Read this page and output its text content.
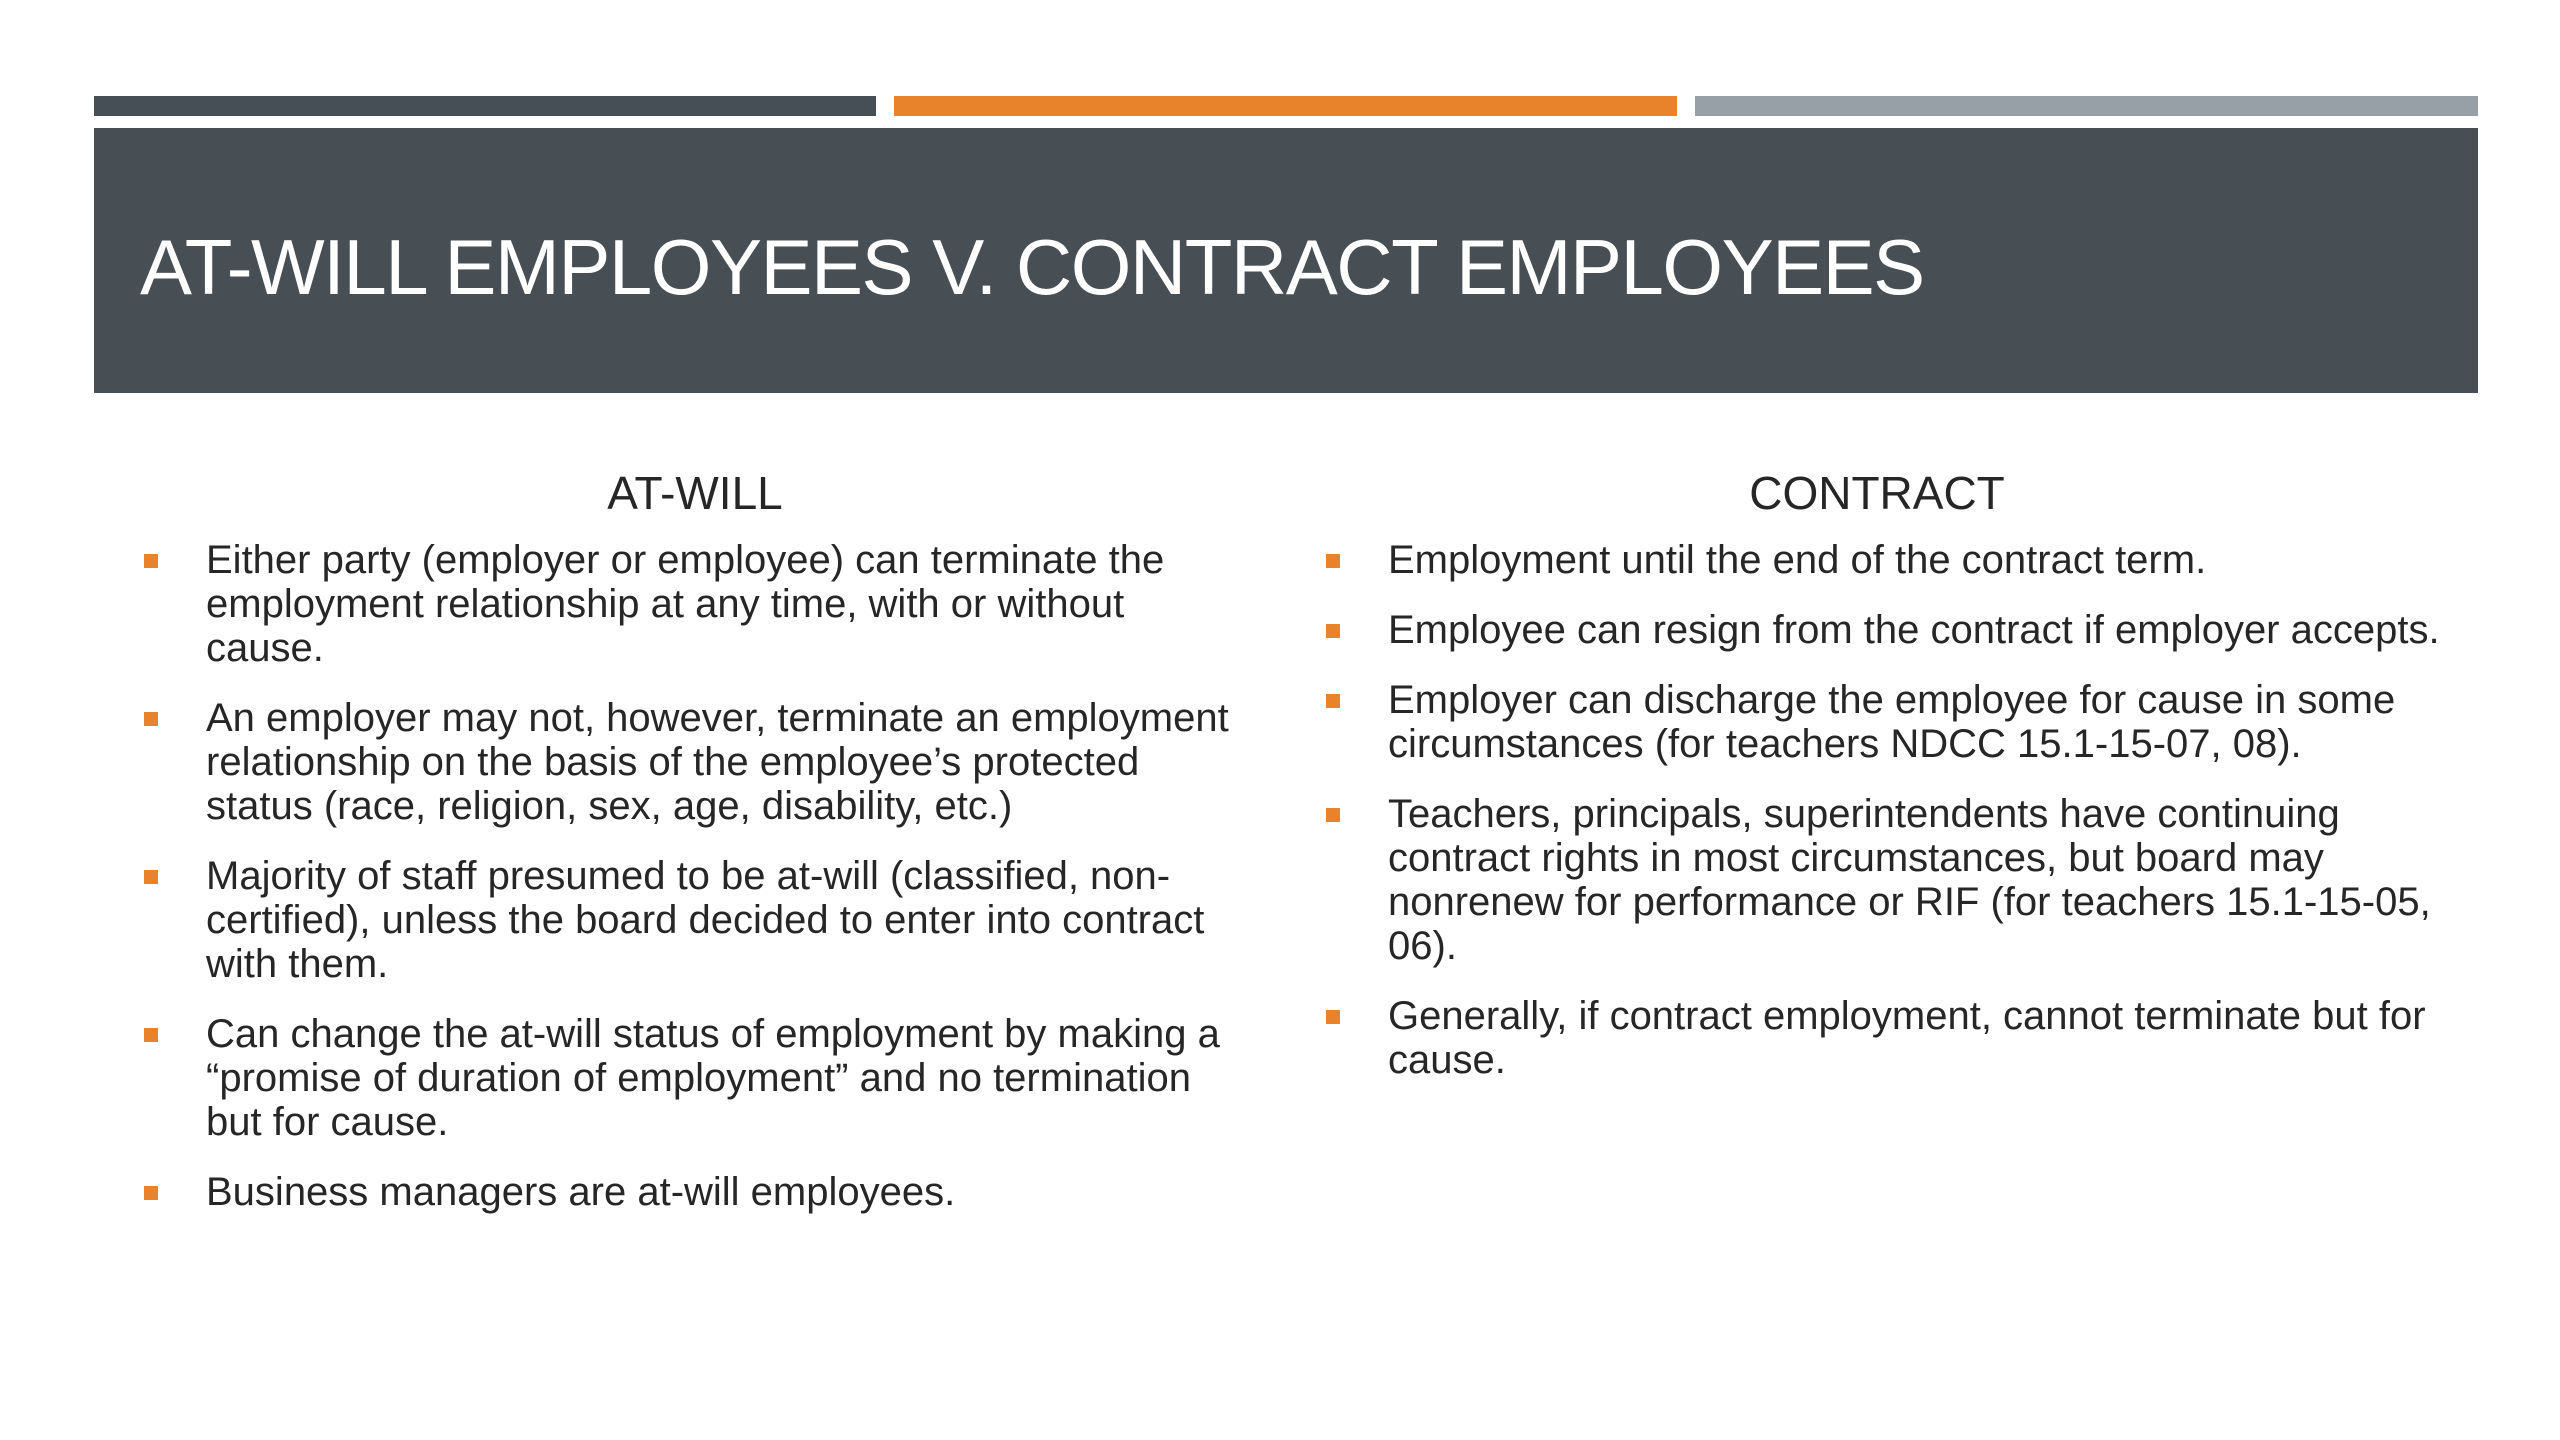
AT-WILL EMPLOYEES V. CONTRACT EMPLOYEES
AT-WILL
Either party (employer or employee) can terminate the employment relationship at any time, with or without cause.
An employer may not, however, terminate an employment relationship on the basis of the employee’s protected status (race, religion, sex, age, disability, etc.)
Majority of staff presumed to be at-will (classified, non-certified), unless the board decided to enter into contract with them.
Can change the at-will status of employment by making a “promise of duration of employment” and no termination but for cause.
Business managers are at-will employees.
CONTRACT
Employment until the end of the contract term.
Employee can resign from the contract if employer accepts.
Employer can discharge the employee for cause in some circumstances (for teachers NDCC 15.1-15-07, 08).
Teachers, principals, superintendents have continuing contract rights in most circumstances, but board may nonrenew for performance or RIF (for teachers 15.1-15-05, 06).
Generally, if contract employment, cannot terminate but for cause.
